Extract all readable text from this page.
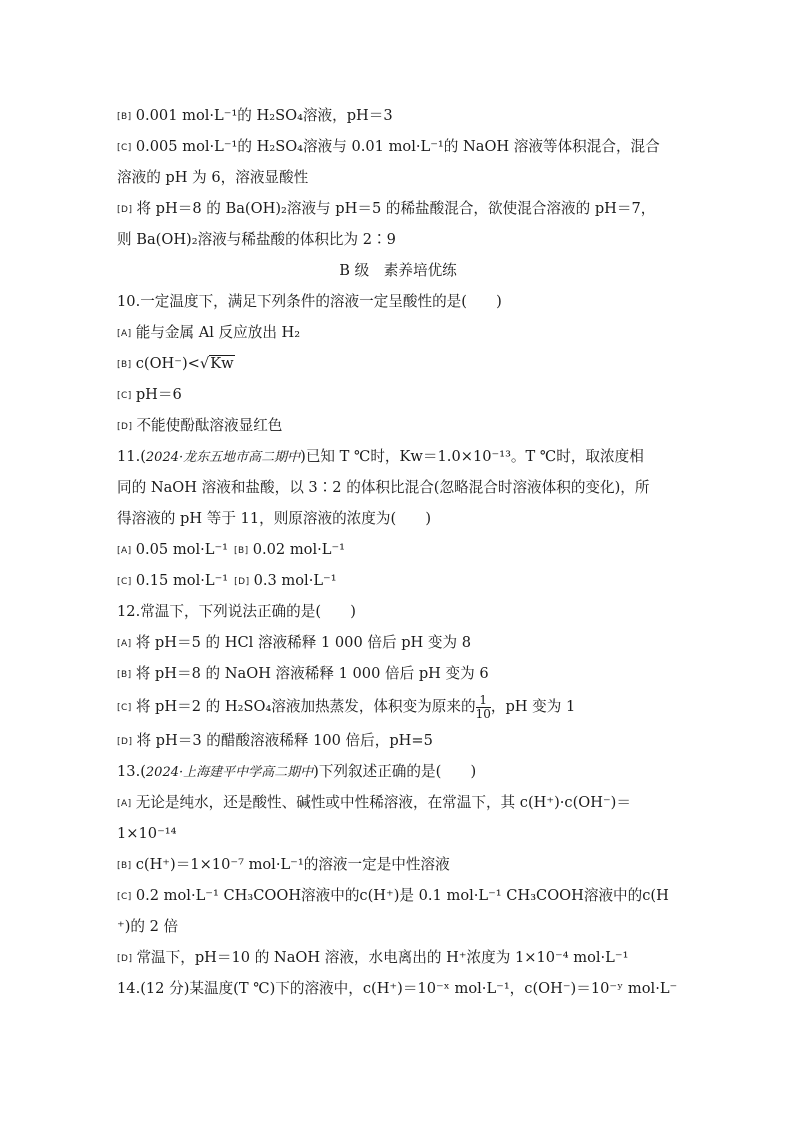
[B] 0.001 mol·L⁻¹的 H₂SO₄溶液，pH＝3
[C] 0.005 mol·L⁻¹的 H₂SO₄溶液与 0.01 mol·L⁻¹的 NaOH 溶液等体积混合，混合
溶液的 pH 为 6，溶液显酸性
[D] 将 pH＝8 的 Ba(OH)₂溶液与 pH＝5 的稀盐酸混合，欲使混合溶液的 pH＝7，
则 Ba(OH)₂溶液与稀盐酸的体积比为 2∶9
B 级　素养培优练
10.一定温度下，满足下列条件的溶液一定呈酸性的是(　　)
[A] 能与金属 Al 反应放出 H₂
[B] c(OH⁻)<√Kw
[C] pH＝6
[D] 不能使酚酞溶液显红色
11.(2024·龙东五地市高二期中)已知 T ℃时，Kw＝1.0×10⁻¹³。T ℃时，取浓度相
同的 NaOH 溶液和盐酸，以 3∶2 的体积比混合(忽略混合时溶液体积的变化)，所
得溶液的 pH 等于 11，则原溶液的浓度为(　　)
[A] 0.05 mol·L⁻¹ [B] 0.02 mol·L⁻¹
[C] 0.15 mol·L⁻¹ [D] 0.3 mol·L⁻¹
12.常温下，下列说法正确的是(　　)
[A] 将 pH＝5 的 HCl 溶液稀释 1 000 倍后 pH 变为 8
[B] 将 pH＝8 的 NaOH 溶液稀释 1 000 倍后 pH 变为 6
[C] 将 pH＝2 的 H₂SO₄溶液加热蒸发，体积变为原来的 $\frac{1}{10}$ ，pH 变为 1
[D] 将 pH＝3 的醋酸溶液稀释 100 倍后，pH=5
13.(2024·上海建平中学高二期中)下列叙述正确的是(　　)
[A] 无论是纯水，还是酸性、碱性或中性稀溶液，在常温下，其 c(H⁺)·c(OH⁻)＝
1×10⁻¹⁴
[B] c(H⁺)＝1×10⁻⁷ mol·L⁻¹的溶液一定是中性溶液
[C] 0.2 mol·L⁻¹ CH₃COOH溶液中的c(H⁺)是 0.1 mol·L⁻¹ CH₃COOH溶液中的c(H
⁺)的 2 倍
[D] 常温下，pH＝10 的 NaOH 溶液，水电离出的 H⁺浓度为 1×10⁻⁴ mol·L⁻¹
14.(12 分)某温度(T ℃)下的溶液中，c(H⁺)＝10⁻ˣ mol·L⁻¹，c(OH⁻)＝10⁻ʸ mol·L⁻
